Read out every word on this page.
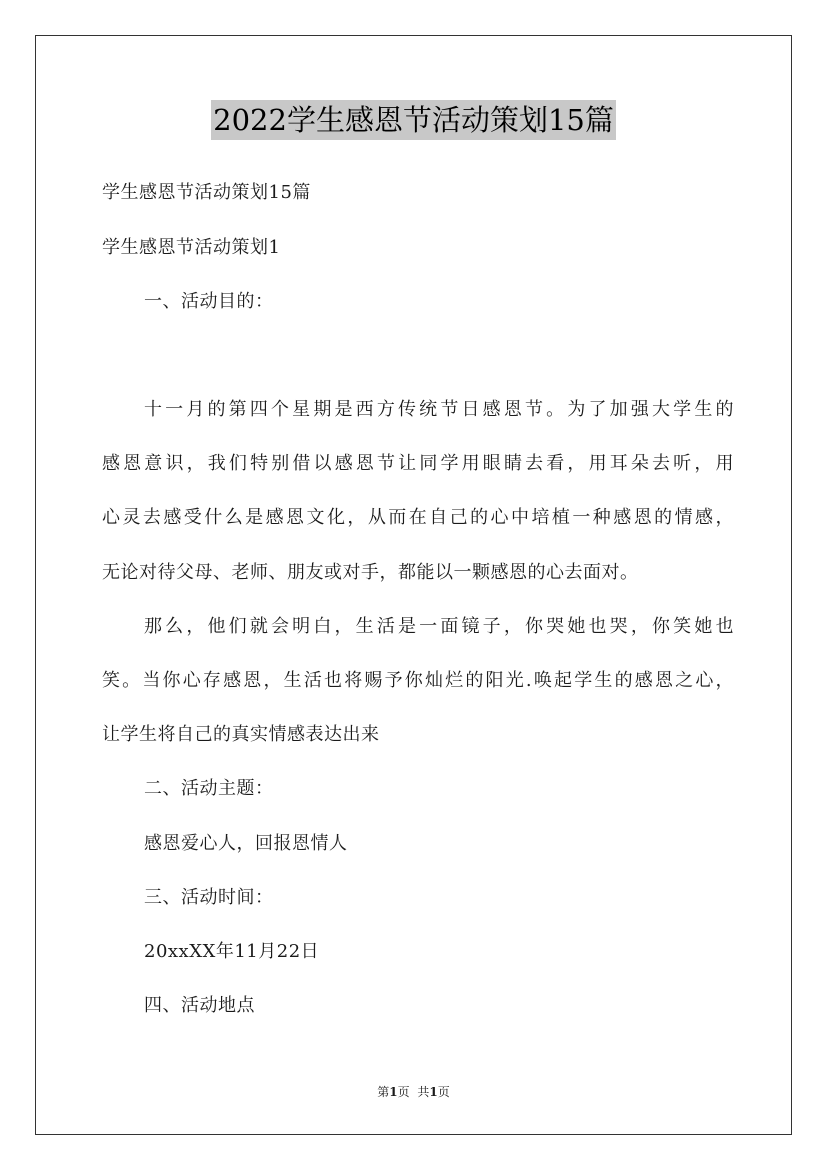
2022学生感恩节活动策划15篇
学生感恩节活动策划15篇
学生感恩节活动策划1
一、活动目的：
十一月的第四个星期是西方传统节日感恩节。为了加强大学生的
感恩意识，我们特别借以感恩节让同学用眼睛去看，用耳朵去听，用
心灵去感受什么是感恩文化，从而在自己的心中培植一种感恩的情感，
无论对待父母、老师、朋友或对手，都能以一颗感恩的心去面对。
那么，他们就会明白，生活是一面镜子，你哭她也哭，你笑她也
笑。当你心存感恩，生活也将赐予你灿烂的阳光.唤起学生的感恩之心，
让学生将自己的真实情感表达出来
二、活动主题：
感恩爱心人，回报恩情人
三、活动时间：
20xxXX年11月22日
四、活动地点
第1页 共1页
